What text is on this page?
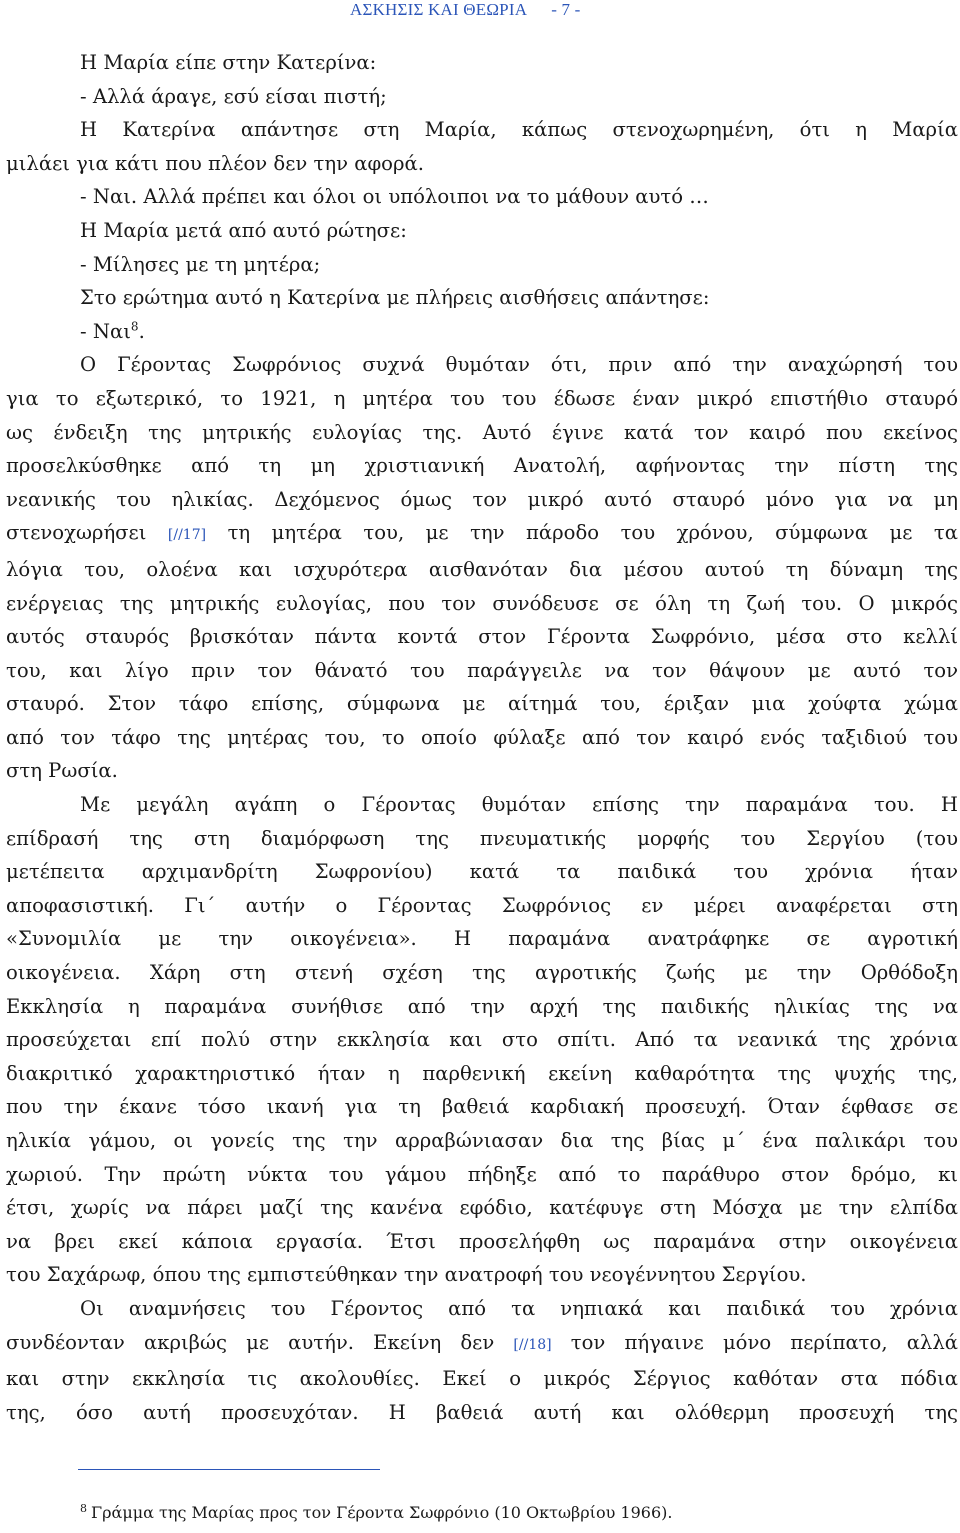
ΑΣΚΗΣΙΣ ΚΑΙ ΘΕΩΡΙΑ - 7 -
Η Μαρία είπε στην Κατερίνα:
- Αλλά άραγε, εσύ είσαι πιστή;
Η Κατερίνα απάντησε στη Μαρία, κάπως στενοχωρημένη, ότι η Μαρία
μιλάει για κάτι που πλέον δεν την αφορά.
- Ναι. Αλλά πρέπει και όλοι οι υπόλοιποι να το μάθουν αυτό …
Η Μαρία μετά από αυτό ρώτησε:
- Μίλησες με τη μητέρα;
Στο ερώτημα αυτό η Κατερίνα με πλήρεις αισθήσεις απάντησε:
- Ναι$^8$.
Ο Γέροντας Σωφρόνιος συχνά θυμόταν ότι, πριν από την αναχώρησή του
για το εξωτερικό, το 1921, η μητέρα του του έδωσε έναν μικρό επιστήθιο σταυρό
ως ένδειξη της μητρικής ευλογίας της. Αυτό έγινε κατά τον καιρό που εκείνος
προσελκύσθηκε από τη μη χριστιανική Ανατολή, αφήνοντας την πίστη της
νεανικής του ηλικίας. Δεχόμενος όμως τον μικρό αυτό σταυρό μόνο για να μη
στενοχωρήσει [//17] τη μητέρα του, με την πάροδο του χρόνου, σύμφωνα με τα
λόγια του, ολοένα και ισχυρότερα αισθανόταν δια μέσου αυτού τη δύναμη της
ενέργειας της μητρικής ευλογίας, που τον συνόδευσε σε όλη τη ζωή του. Ο μικρός
αυτός σταυρός βρισκόταν πάντα κοντά στον Γέροντα Σωφρόνιο, μέσα στο κελλί
του, και λίγο πριν τον θάνατό του παράγγειλε να τον θάψουν με αυτό τον
σταυρό. Στον τάφο επίσης, σύμφωνα με αίτημά του, έριξαν μια χούφτα χώμα
από τον τάφο της μητέρας του, το οποίο φύλαξε από τον καιρό ενός ταξιδιού του
στη Ρωσία.
Με μεγάλη αγάπη ο Γέροντας θυμόταν επίσης την παραμάνα του. Η
επίδρασή της στη διαμόρφωση της πνευματικής μορφής του Σεργίου (του
μετέπειτα αρχιμανδρίτη Σωφρονίου) κατά τα παιδικά του χρόνια ήταν
αποφασιστική. Γι΄ αυτήν ο Γέροντας Σωφρόνιος εν μέρει αναφέρεται στη
«Συνομιλία με την οικογένεια». Η παραμάνα ανατράφηκε σε αγροτική
οικογένεια. Χάρη στη στενή σχέση της αγροτικής ζωής με την Ορθόδοξη
Εκκλησία η παραμάνα συνήθισε από την αρχή της παιδικής ηλικίας της να
προσεύχεται επί πολύ στην εκκλησία και στο σπίτι. Από τα νεανικά της χρόνια
διακριτικό χαρακτηριστικό ήταν η παρθενική εκείνη καθαρότητα της ψυχής της,
που την έκανε τόσο ικανή για τη βαθειά καρδιακή προσευχή. Όταν έφθασε σε
ηλικία γάμου, οι γονείς της την αρραβώνιασαν δια της βίας μ΄ ένα παλικάρι του
χωριού. Την πρώτη νύκτα του γάμου πήδηξε από το παράθυρο στον δρόμο, κι
έτσι, χωρίς να πάρει μαζί της κανένα εφόδιο, κατέφυγε στη Μόσχα με την ελπίδα
να βρει εκεί κάποια εργασία. Έτσι προσελήφθη ως παραμάνα στην οικογένεια
του Σαχάρωφ, όπου της εμπιστεύθηκαν την ανατροφή του νεογέννητου Σεργίου.
Οι αναμνήσεις του Γέροντος από τα νηπιακά και παιδικά του χρόνια
συνδέονταν ακριβώς με αυτήν. Εκείνη δεν [//18] τον πήγαινε μόνο περίπατο, αλλά
και στην εκκλησία τις ακολουθίες. Εκεί ο μικρός Σέργιος καθόταν στα πόδια
της, όσο αυτή προσευχόταν. Η βαθειά αυτή και ολόθερμη προσευχή της
$^8$ Γράμμα της Μαρίας προς τον Γέροντα Σωφρόνιο (10 Οκτωβρίου 1966).
